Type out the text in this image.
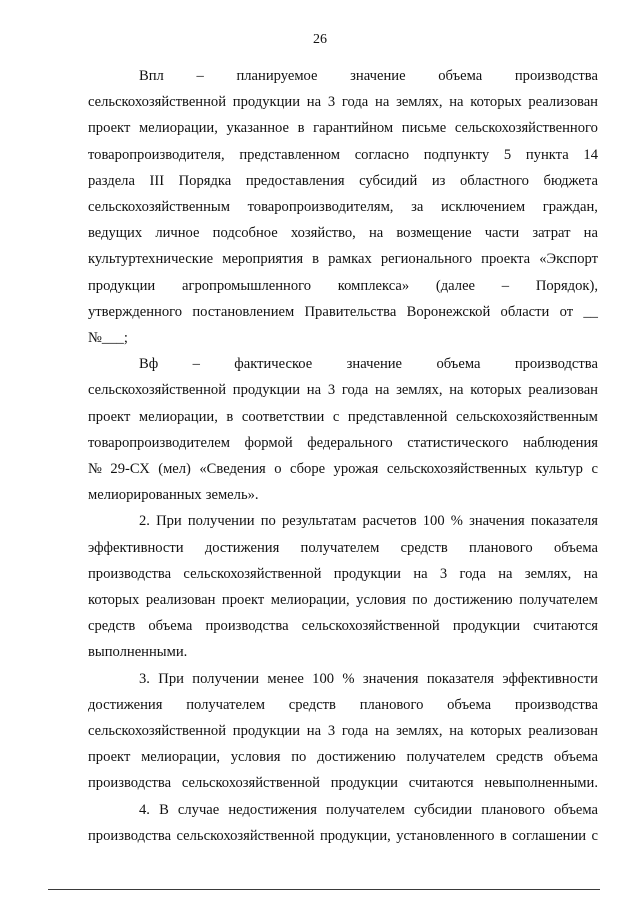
26
Впл – планируемое значение объема производства
сельскохозяйственной продукции на 3 года на землях, на которых реализован
проект мелиорации, указанное в гарантийном письме сельскохозяйственного
товаропроизводителя, представленном согласно подпункту 5 пункта 14
раздела III Порядка предоставления субсидий из областного бюджета
сельскохозяйственным товаропроизводителям, за исключением граждан,
ведущих личное подсобное хозяйство, на возмещение части затрат на
культуртехнические мероприятия в рамках регионального проекта «Экспорт
продукции агропромышленного комплекса» (далее – Порядок),
утвержденного постановлением Правительства Воронежской области от __
№___;
Вф – фактическое значение объема производства
сельскохозяйственной продукции на 3 года на землях, на которых реализован
проект мелиорации, в соответствии с представленной сельскохозяйственным
товаропроизводителем формой федерального статистического наблюдения
№ 29-СХ (мел) «Сведения о сборе урожая сельскохозяйственных культур с
мелиорированных земель».
2. При получении по результатам расчетов 100 % значения показателя
эффективности достижения получателем средств планового объема
производства сельскохозяйственной продукции на 3 года на землях, на
которых реализован проект мелиорации, условия по достижению получателем
средств объема производства сельскохозяйственной продукции считаются
выполненными.
3. При получении менее 100 % значения показателя эффективности
достижения получателем средств планового объема производства
сельскохозяйственной продукции на 3 года на землях, на которых реализован
проект мелиорации, условия по достижению получателем средств объема
производства сельскохозяйственной продукции считаются невыполненными.
4. В случае недостижения получателем субсидии планового объема
производства сельскохозяйственной продукции, установленного в соглашении с
